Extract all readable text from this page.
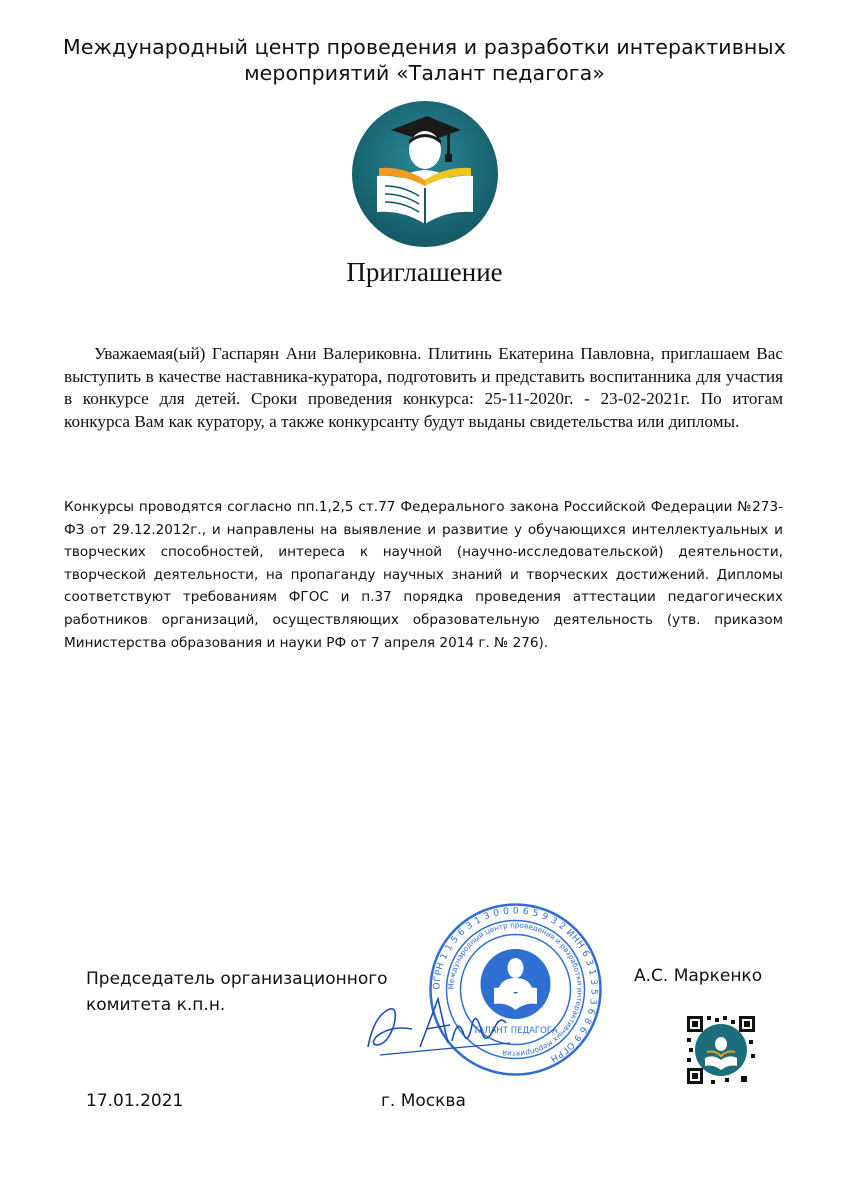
Международный центр проведения и разработки интерактивных
мероприятий «Талант педагога»
Приглашение
Уважаемая(ый) Гаспарян Ани Валериковна. Плитинь Екатерина Павловна, приглашаем Вас выступить в качестве наставника-куратора, подготовить и представить воспитанника для участия в конкурсе для детей. Сроки проведения конкурса: 25-11-2020г. - 23-02-2021г. По итогам конкурса Вам как куратору, а также конкурсанту будут выданы свидетельства или дипломы.
Конкурсы проводятся согласно пп.1,2,5 ст.77 Федерального закона Российской Федерации №273-ФЗ от 29.12.2012г., и направлены на выявление и развитие у обучающихся интеллектуальных и творческих способностей, интереса к научной (научно-исследовательской) деятельности, творческой деятельности, на пропаганду научных знаний и творческих достижений. Дипломы соответствуют требованиям ФГОС и п.37 порядка проведения аттестации педагогических работников организаций, осуществляющих образовательную деятельность (утв. приказом Министерства образования и науки РФ от 7 апреля 2014 г. № 276).
Председатель организационного
комитета к.п.н.
ОГРН 1 1 5 6 3 1 3 0 0 0 6 5 9 3 2 ИНН 6 3 1 3 5 3 6 8 6 9 ОГРН
Международный центр проведения и разработки интерактивных мероприятий
ТАЛАНТ ПЕДАГОГА
А.С. Маркенко
17.01.2021	г. Москва
